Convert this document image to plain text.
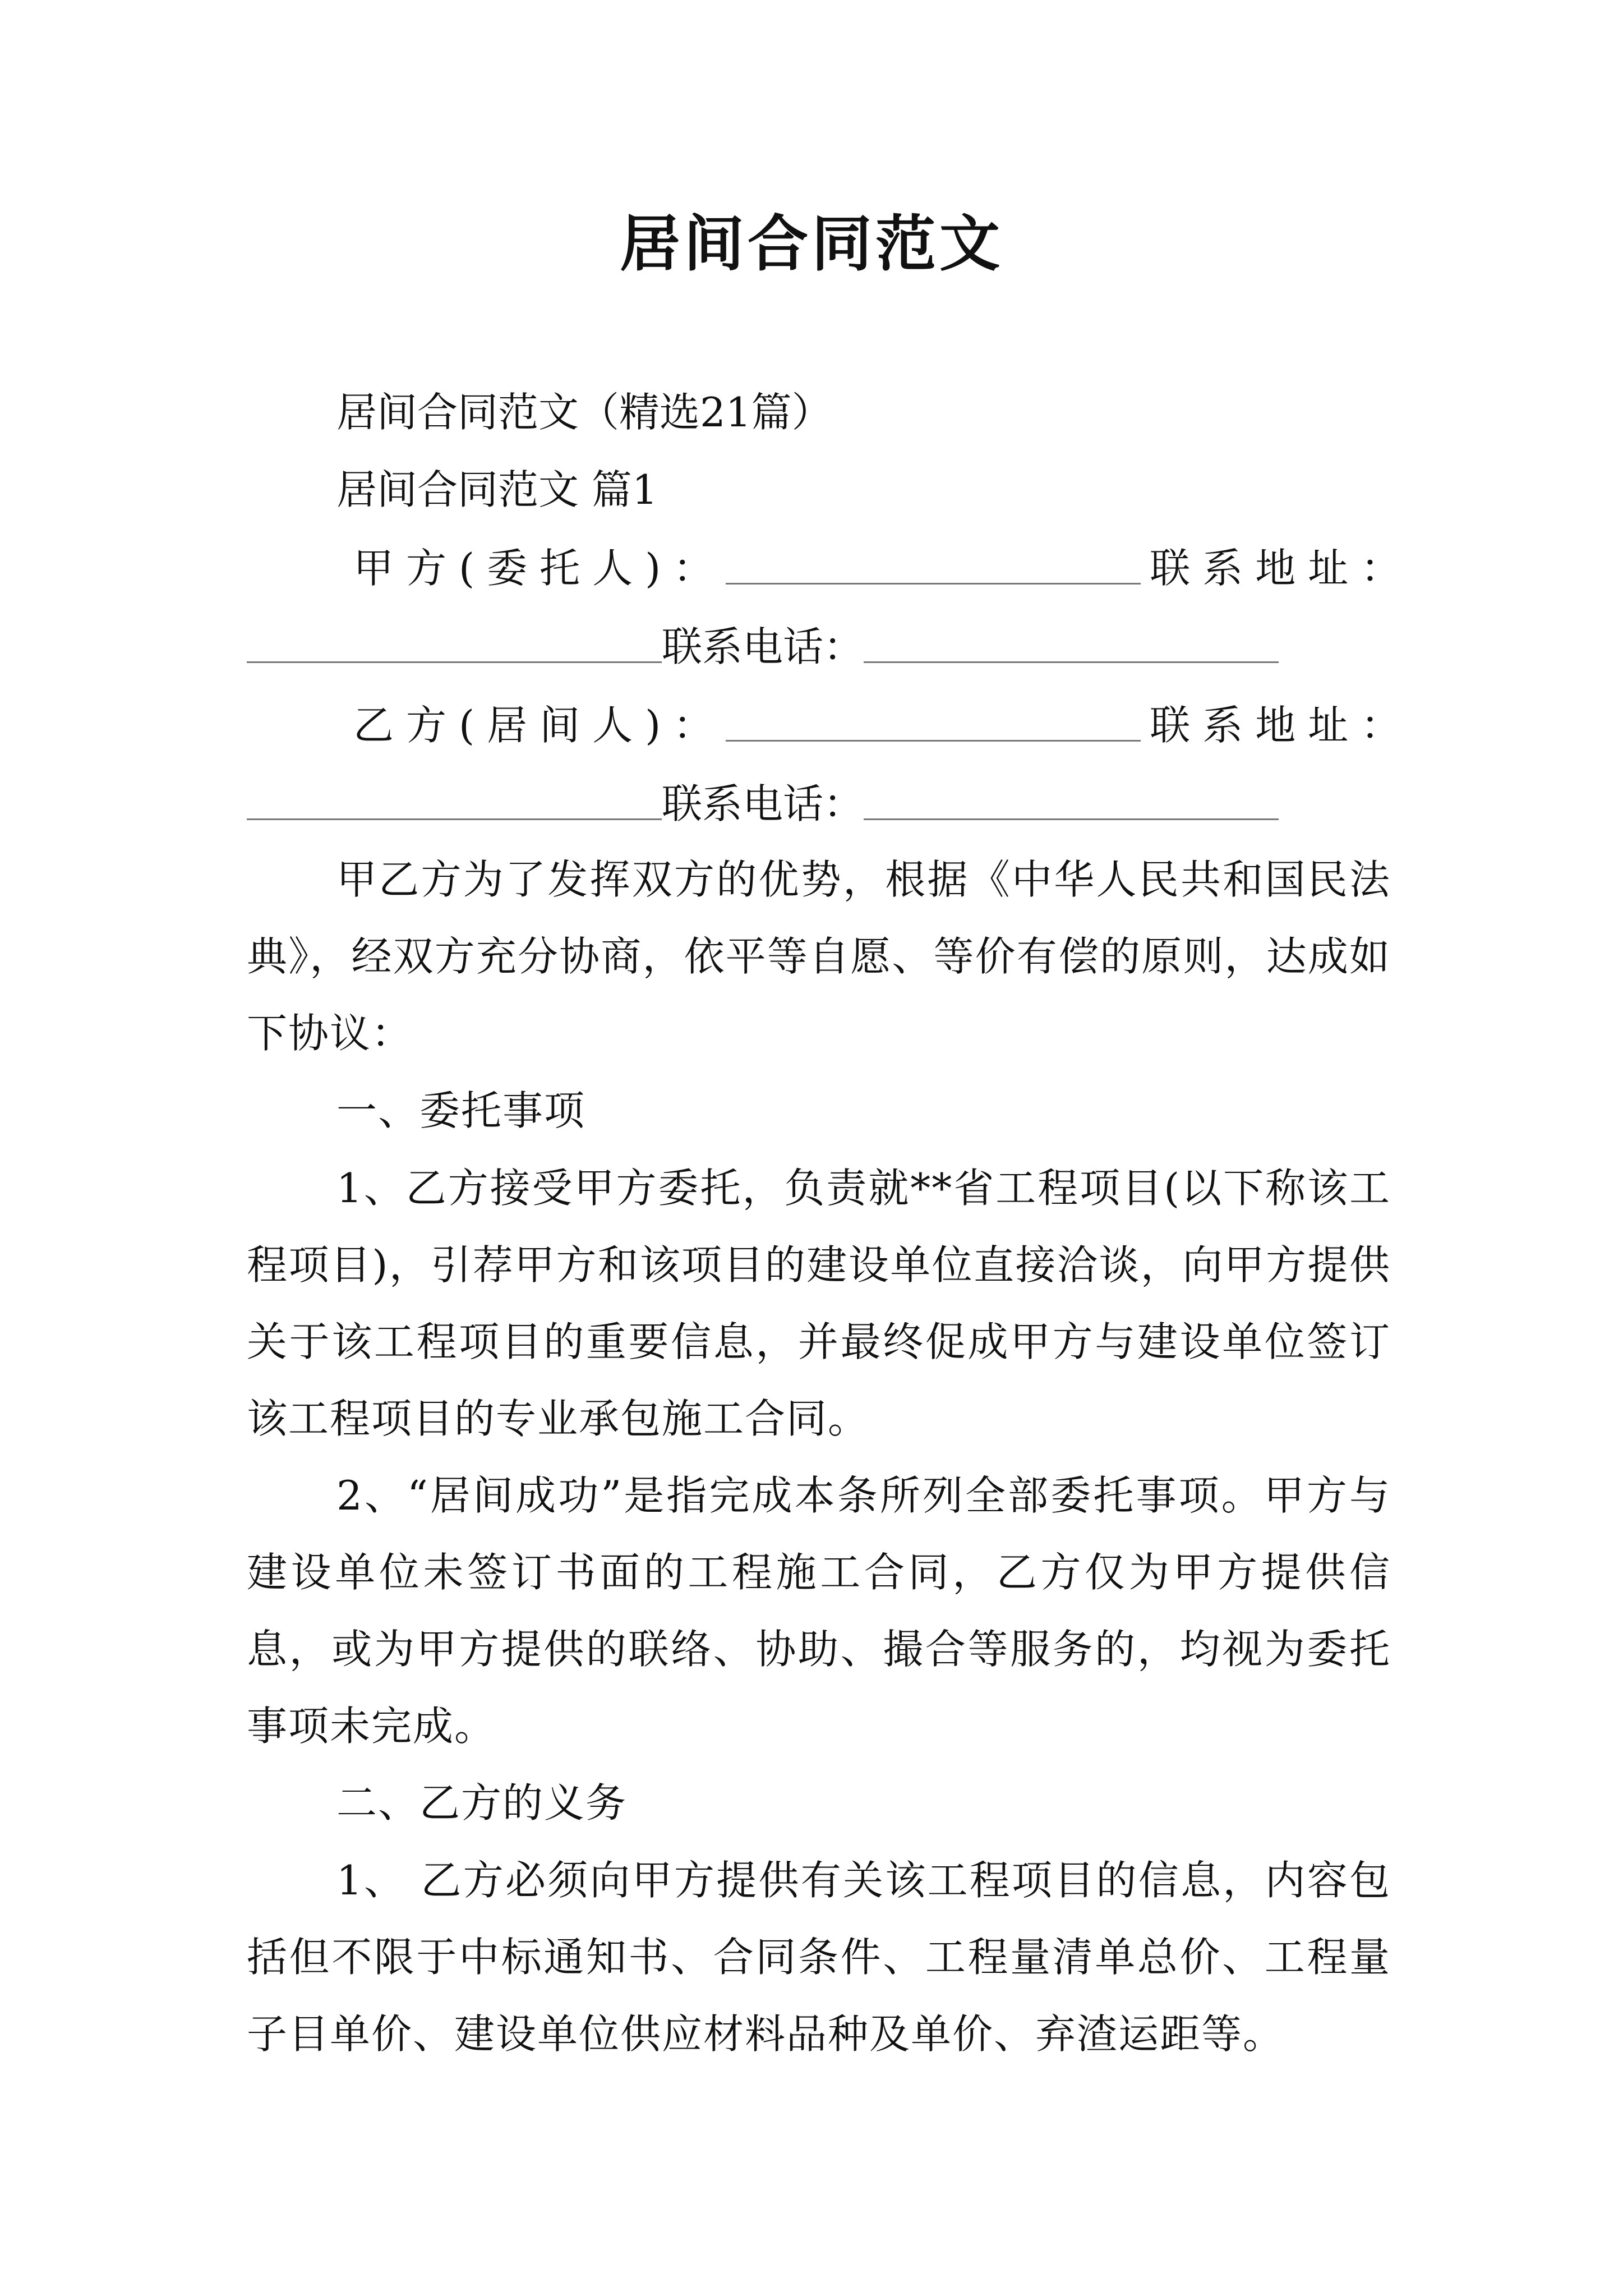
居间合同范文
居间合同范文（精选21篇）
居间合同范文 篇1
甲方(委托人)：	联系地址：
联系电话：
乙方(居间人)：	联系地址：
联系电话：

甲乙方为了发挥双方的优势，根据《中华人民共和国民法典》，经双方充分协商，依平等自愿、等价有偿的原则，达成如下协议：

一、委托事项

1、乙方接受甲方委托，负责就**省工程项目(以下称该工程项目)，引荐甲方和该项目的建设单位直接洽谈，向甲方提供关于该工程项目的重要信息，并最终促成甲方与建设单位签订该工程项目的专业承包施工合同。

2、“居间成功”是指完成本条所列全部委托事项。甲方与建设单位未签订书面的工程施工合同，乙方仅为甲方提供信息，或为甲方提供的联络、协助、撮合等服务的，均视为委托事项未完成。

二、乙方的义务

1、 乙方必须向甲方提供有关该工程项目的信息，内容包括但不限于中标通知书、合同条件、工程量清单总价、工程量子目单价、建设单位供应材料品种及单价、弃渣运距等。
